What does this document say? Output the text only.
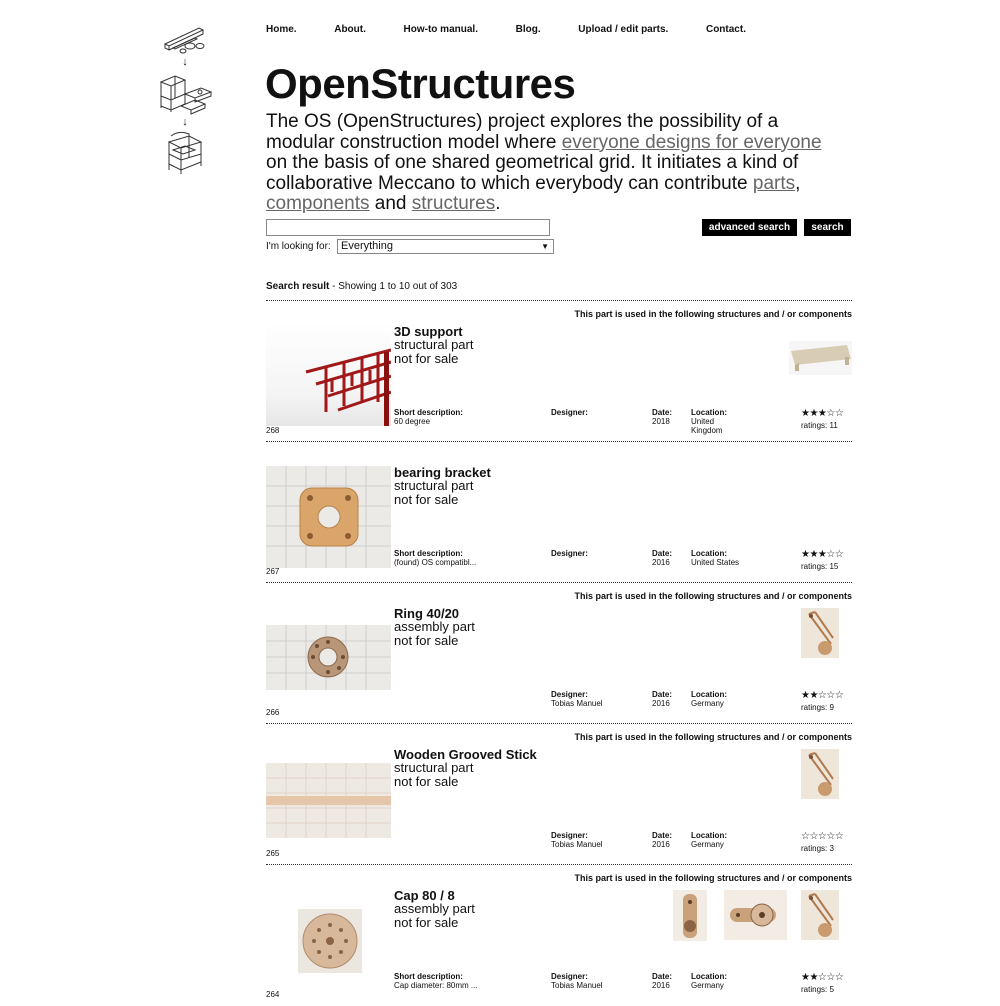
↓
↓
Home.	About.	How-to manual.	Blog.	Upload / edit parts.	Contact.
OpenStructures

The OS (OpenStructures) project explores the possibility of a modular construction model where everyone designs for everyone on the basis of one shared geometrical grid. It initiates a kind of collaborative Meccano to which everybody can contribute parts, components and structures.

advanced search	search
I'm looking for: Everything	▼
Search result - Showing 1 to 10 out of 303
This part is used in the following structures and / or components
3D support
structural part
not for sale
Short description:
60 degree
Designer:	Date:
2018
Location:
United Kingdom
★★★☆☆
ratings: 11
268
bearing bracket
structural part
not for sale
Short description:
(found) OS compatibl...
Designer:	Date:
2016
Location:
United States
★★★☆☆
ratings: 15
267
This part is used in the following structures and / or components
Ring 40/20
assembly part
not for sale
Designer:
Tobias Manuel
Date:
2016
Location:
Germany
★★☆☆☆
ratings: 9
266
This part is used in the following structures and / or components
Wooden Grooved Stick
structural part
not for sale
Designer:
Tobias Manuel
Date:
2016
Location:
Germany
☆☆☆☆☆
ratings: 3
265
This part is used in the following structures and / or components
Cap 80 / 8
assembly part
not for sale
Short description:
Cap diameter: 80mm ...
Designer:
Tobias Manuel
Date:
2016
Location:
Germany
★★☆☆☆
ratings: 5
264
